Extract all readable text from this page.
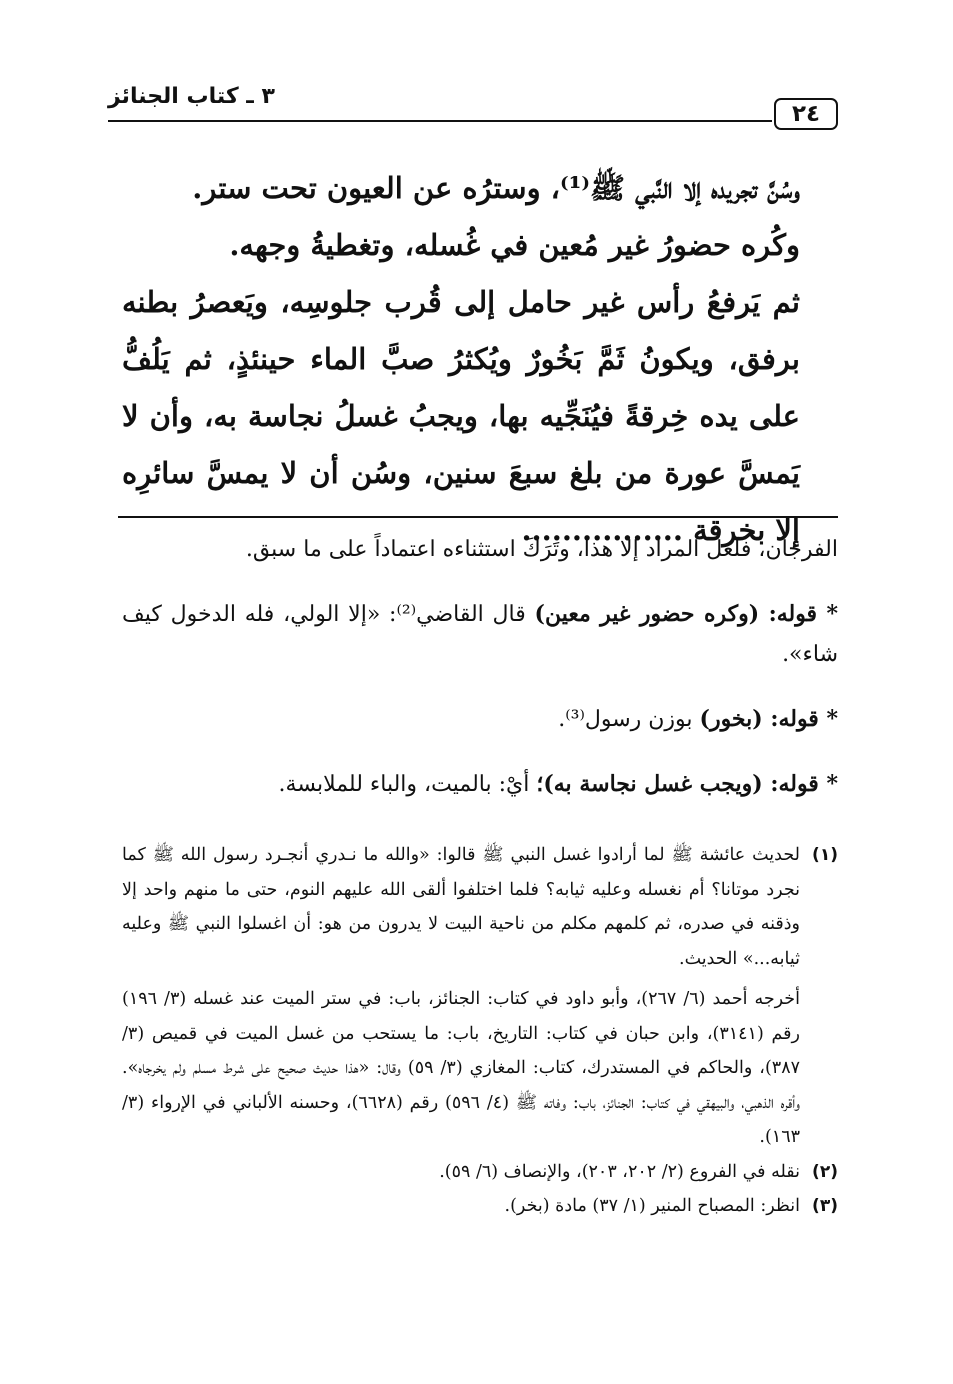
٢٤
٣ ـ كتاب الجنائز

وسُنَّ تجريده إلا النَّبي ﷺ⁽¹⁾، وسترُه عن العيون تحت ستر.

وكُره حضورُ غير مُعين في غُسله، وتغطيةُ وجهه.

ثم يَرفعُ رأس غير حامل إلى قُرب جلوسِه، ويَعصرُ بطنه برفق، ويكونُ ثَمَّ بَخُورٌ ويُكثرُ صبَّ الماء حينئذٍ، ثم يَلُفُّ على يده خِرقةً فيُنَجِّيه بها، ويجبُ غسلُ نجاسة به، وأن لا يَمسَّ عورة من بلغ سبعَ سنين، وسُن أن لا يمسَّ سائرِه إلا بخرقة ................

الفرجان، فلعل المراد إلا هذا، وتَرَكَ استثناءه اعتماداً على ما سبق.

* قوله: (وكره حضور غير معين) قال القاضي⁽²⁾: «إلا الولي، فله الدخول كيف شاء».

* قوله: (بخور) بوزن رسول⁽³⁾.

* قوله: (ويجب غسل نجاسة به)؛ أيْ: بالميت، والباء للملابسة.

(١)

لحديث عائشة ﷺ لما أرادوا غسل النبي ﷺ قالوا: «والله ما نـدري أنجـرد رسول الله ﷺ كما نجرد موتانا؟ أم نغسله وعليه ثيابه؟ فلما اختلفوا ألقى الله عليهم النوم، حتى ما منهم واحد إلا وذقنه في صدره، ثم كلمهم مكلم من ناحية البيت لا يدرون من هو: أن اغسلوا النبي ﷺ وعليه ثيابه...» الحديث.

أخرجه أحمد (٦/ ٢٦٧)، وأبو داود في كتاب: الجنائز، باب: في ستر الميت عند غسله (٣/ ١٩٦) رقم (٣١٤١)، وابن حبان في كتاب: التاريخ، باب: ما يستحب من غسل الميت في قميص (٣/ ٣٨٧)، والحاكم في المستدرك، كتاب: المغازي (٣/ ٥٩) وقال: «هذا حديث صحيح على شرط مسلم ولم يخرجاه». وأقره الذهبي، والبيهقي في كتاب: الجنائز، باب: وفاته ﷺ (٤/ ٥٩٦) رقم (٦٦٢٨)، وحسنه الألباني في الإرواء (٣/ ١٦٣).

(٢)

نقله في الفروع (٢/ ٢٠٢، ٢٠٣)، والإنصاف (٦/ ٥٩).

(٣)

انظر: المصباح المنير (١/ ٣٧) مادة (بخر).
